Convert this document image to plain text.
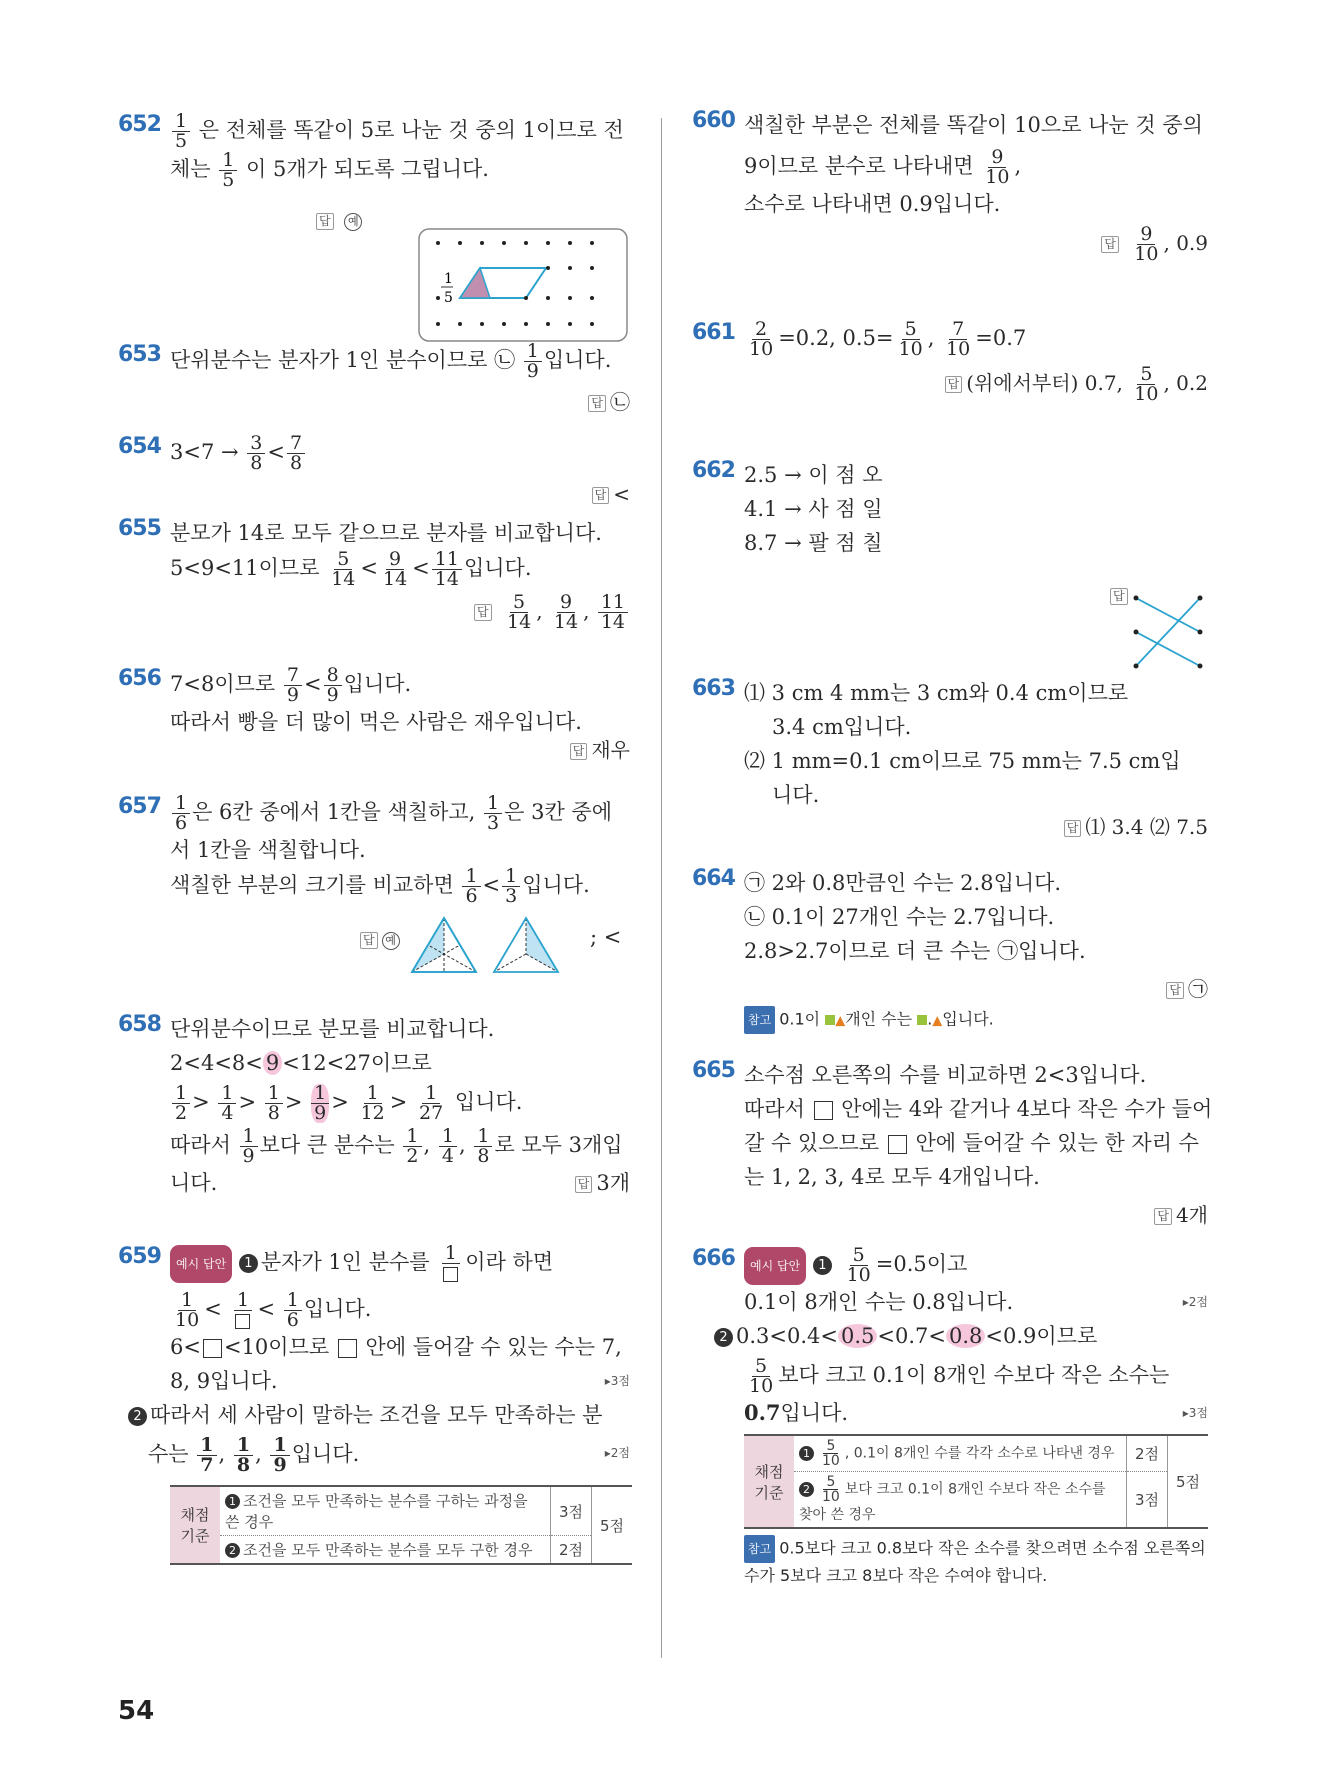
$652 \frac{1}{5}$ 은 전체를 똑같이 5로 나눈 것 중의 1이므로 전
체는 $\frac{1}{5}$ 이 5개가 되도록 그립니다.
답 예
1
5
653 단위분수는 분자가 1인 분수이므로 ㉡ $\frac{1}{9}$ 입니다.
답 ㉡
654 $3<7 \to \frac{3}{8} < \frac{7}{8}$
답 <
655 분모가 14로 모두 같으므로 분자를 비교합니다.
5<9<11이므로 $\frac{5}{14} < \frac{9}{14} < \frac{11}{14}$ 입니다.
답 $\frac{5}{14}$ , $\frac{9}{14}$ , $\frac{11}{14}$
656 7<8이므로 $\frac{7}{9} < \frac{8}{9}$ 입니다.
따라서 빵을 더 많이 먹은 사람은 재우입니다.
답 재우
$657 \frac{1}{6}$ 은 6칸 중에서 1칸을 색칠하고, $\frac{1}{3}$ 은 3칸 중에
서 1칸을 색칠합니다.
색칠한 부분의 크기를 비교하면 $\frac{1}{6} < \frac{1}{3}$ 입니다.
답 예	; <
658 단위분수이므로 분모를 비교합니다.
2<4<8< 9 <12<27이므로
$\frac{1}{2} > \frac{1}{4} > \frac{1}{8} > \frac{1}{9} > \frac{1}{12} > \frac{1}{27}$ 입니다.
따라서 $\frac{1}{9}$ 보다 큰 분수는 $\frac{1}{2}$ , $\frac{1}{4}$ , $\frac{1}{8}$ 로 모두 3개입
니다.	답 3개
659	예시 답안 1 분자가 1인 분수를 1 이라 하면
$\frac{1}{10} < 1 < \frac{1}{6}$ 입니다.
6< <10이므로 안에 들어갈 수 있는 수는 7,
8, 9입니다.	▸3점
2 따라서 세 사람이 말하는 조건을 모두 만족하는 분
수는 $\frac{1}{7}$ , $\frac{1}{8}$ , $\frac{1}{9}$ 입니다.	▸2점
채점 기준	1 조건을 모두 만족하는 분수를 구하는 과정을 쓴 경우	3점	5점
	2 조건을 모두 만족하는 분수를 모두 구한 경우	2점	
660 색칠한 부분은 전체를 똑같이 10으로 나눈 것 중의
9이므로 분수로 나타내면 $\frac{9}{10}$ ,
소수로 나타내면 0.9입니다.
답 $\frac{9}{10}$ , 0.9
$661 \frac{2}{10} =0.2$, $0.5= \frac{5}{10}$ , $\frac{7}{10} =0.7$
답 (위에서부터) 0.7, $\frac{5}{10}$ , 0.2
662 2.5 → 이 점 오
4.1 → 사 점 일
8.7 → 팔 점 칠
답
663 ⑴ 3 cm 4 mm는 3 cm와 0.4 cm이므로
3.4 cm입니다.
⑵ 1 mm=0.1 cm이므로 75 mm는 7.5 cm입
니다.
답 ⑴ 3.4 ⑵ 7.5
664 ㉠ 2와 0.8만큼인 수는 2.8입니다.
㉡ 0.1이 27개인 수는 2.7입니다.
2.8>2.7이므로 더 큰 수는 ㉠입니다.
답 ㉠
참고 0.1이 ▲개인 수는 .▲입니다.
665 소수점 오른쪽의 수를 비교하면 2<3입니다.
따라서 안에는 4와 같거나 4보다 작은 수가 들어
갈 수 있으므로 안에 들어갈 수 있는 한 자리 수
는 1, 2, 3, 4로 모두 4개입니다.
답 4개
666	예시 답안 $1 \frac{5}{10} =0.5$이고
0.1이 8개인 수는 0.8입니다.	▸2점
2 0.3<0.4< 0.5 <0.7< 0.8 <0.9이므로
$\frac{5}{10}$ 보다 크고 0.1이 8개인 수보다 작은 소수는
0.7입니다.	▸3점
채점 기준	$1 \frac{5}{10}$ , 0.1이 8개인 수를 각각 소수로 나타낸 경우	2점	5점
	$2 \frac{5}{10}$ 보다 크고 0.1이 8개인 수보다 작은 소수를 찾아 쓴 경우	3점	
참고 0.5보다 크고 0.8보다 작은 소수를 찾으려면 소수점 오른쪽의 수가 5보다 크고 8보다 작은 수여야 합니다.
54
